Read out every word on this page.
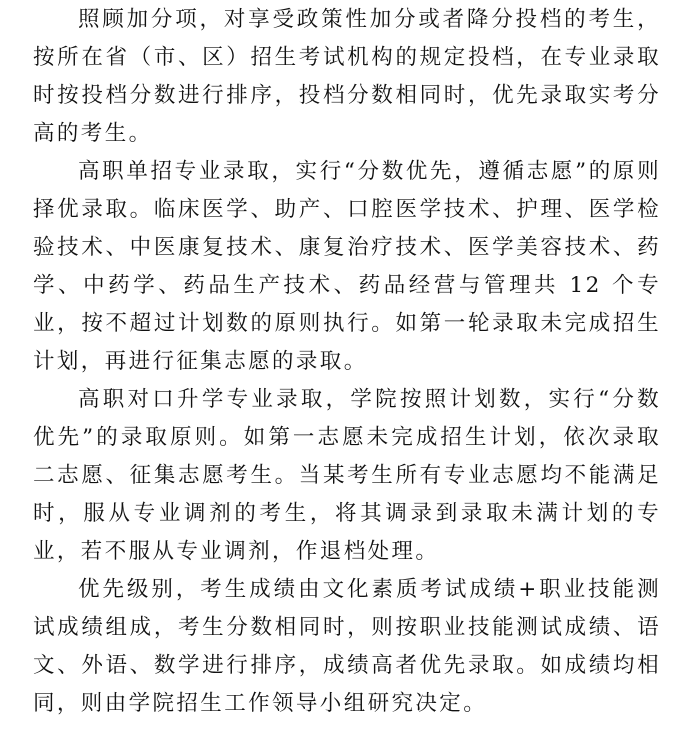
照顾加分项，对享受政策性加分或者降分投档的考生，按所在省（市、区）招生考试机构的规定投档，在专业录取时按投档分数进行排序，投档分数相同时，优先录取实考分高的考生。

高职单招专业录取，实行“分数优先，遵循志愿”的原则择优录取。临床医学、助产、口腔医学技术、护理、医学检验技术、中医康复技术、康复治疗技术、医学美容技术、药学、中药学、药品生产技术、药品经营与管理共 12 个专业，按不超过计划数的原则执行。如第一轮录取未完成招生计划，再进行征集志愿的录取。

高职对口升学专业录取，学院按照计划数，实行“分数优先”的录取原则。如第一志愿未完成招生计划，依次录取二志愿、征集志愿考生。当某考生所有专业志愿均不能满足时，服从专业调剂的考生，将其调录到录取未满计划的专业，若不服从专业调剂，作退档处理。

优先级别，考生成绩由文化素质考试成绩+职业技能测试成绩组成，考生分数相同时，则按职业技能测试成绩、语文、外语、数学进行排序，成绩高者优先录取。如成绩均相同，则由学院招生工作领导小组研究决定。
